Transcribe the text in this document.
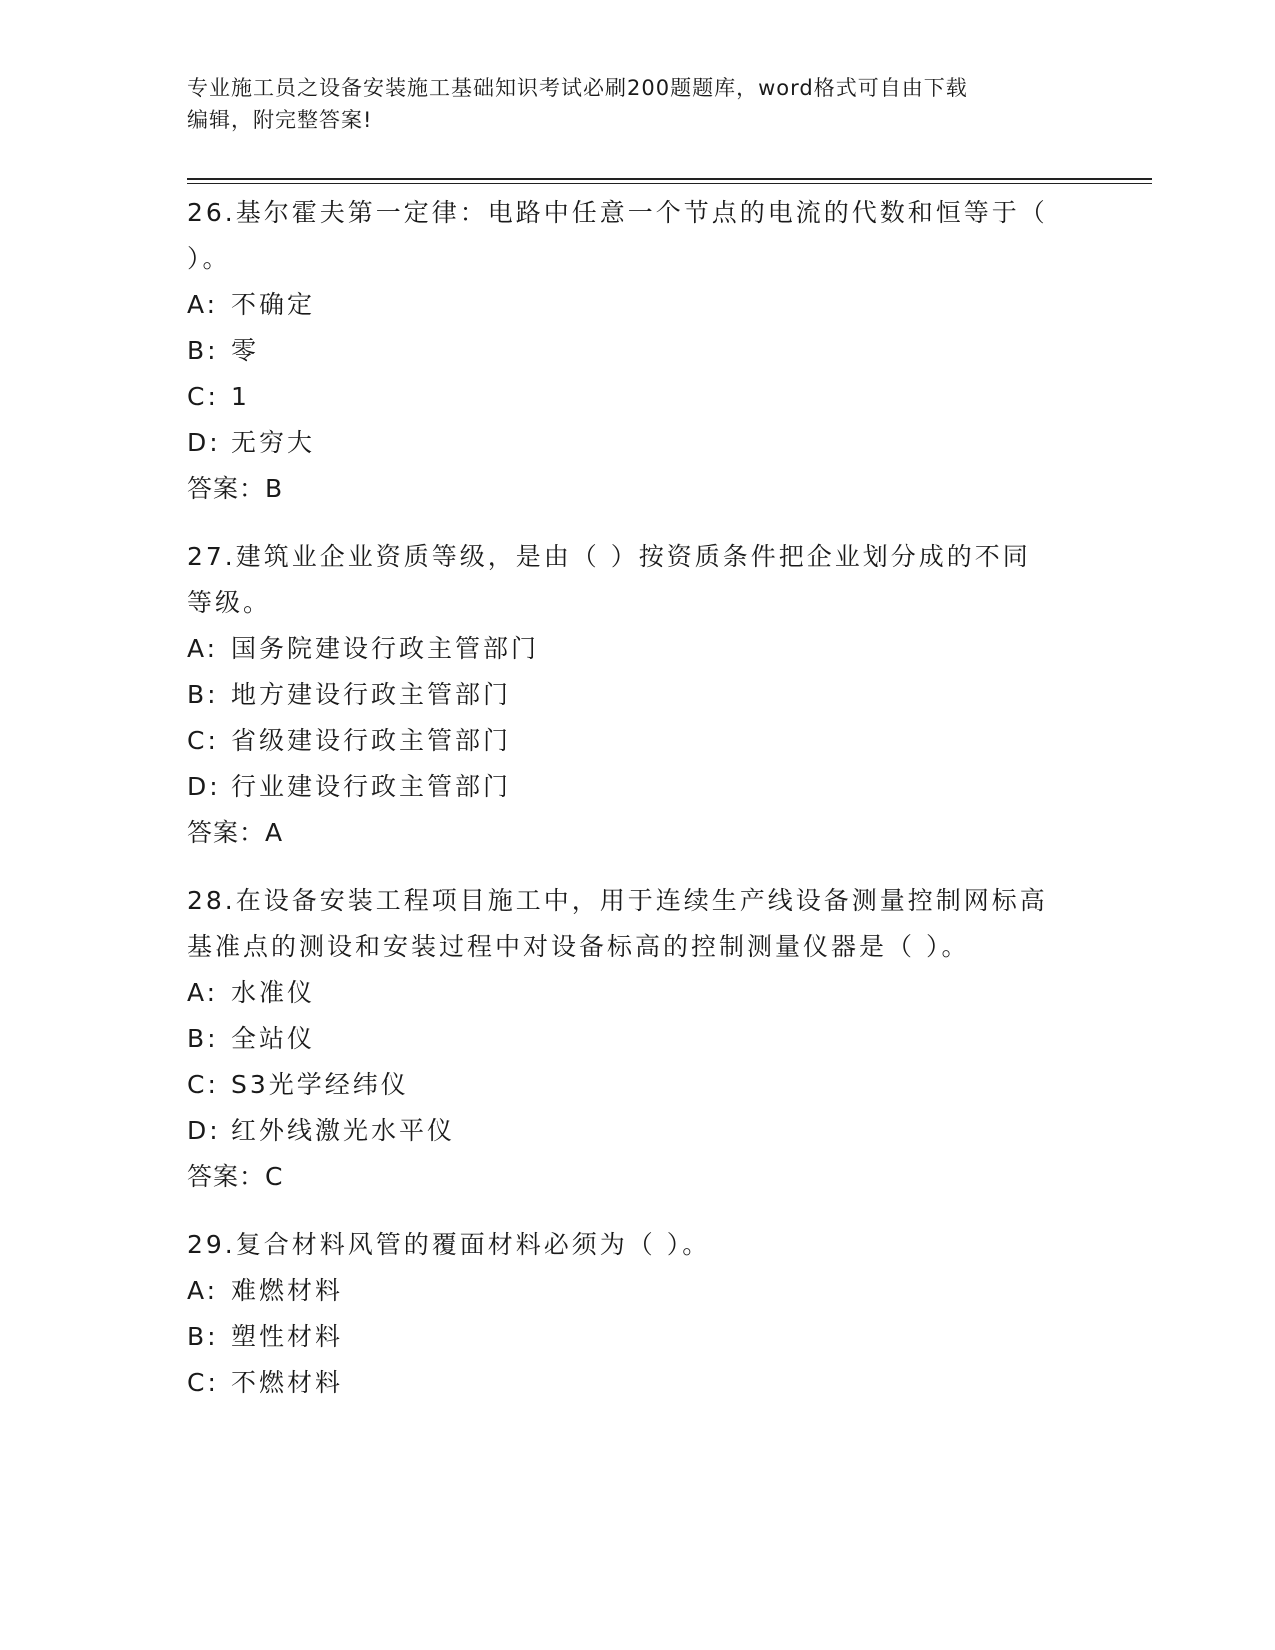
专业施工员之设备安装施工基础知识考试必刷200题题库，word格式可自由下载
编辑，附完整答案!

26.基尔霍夫第一定律：电路中任意一个节点的电流的代数和恒等于（ ）。

A: 不确定
B: 零
C: 1
D: 无穷大
答案：B

27.建筑业企业资质等级，是由（ ）按资质条件把企业划分成的不同等级。

A: 国务院建设行政主管部门
B: 地方建设行政主管部门
C: 省级建设行政主管部门
D: 行业建设行政主管部门
答案：A

28.在设备安装工程项目施工中，用于连续生产线设备测量控制网标高基准点的测设和安装过程中对设备标高的控制测量仪器是（ ）。

A: 水准仪
B: 全站仪
C: S3光学经纬仪
D: 红外线激光水平仪
答案：C

29.复合材料风管的覆面材料必须为（ ）。

A: 难燃材料
B: 塑性材料
C: 不燃材料
